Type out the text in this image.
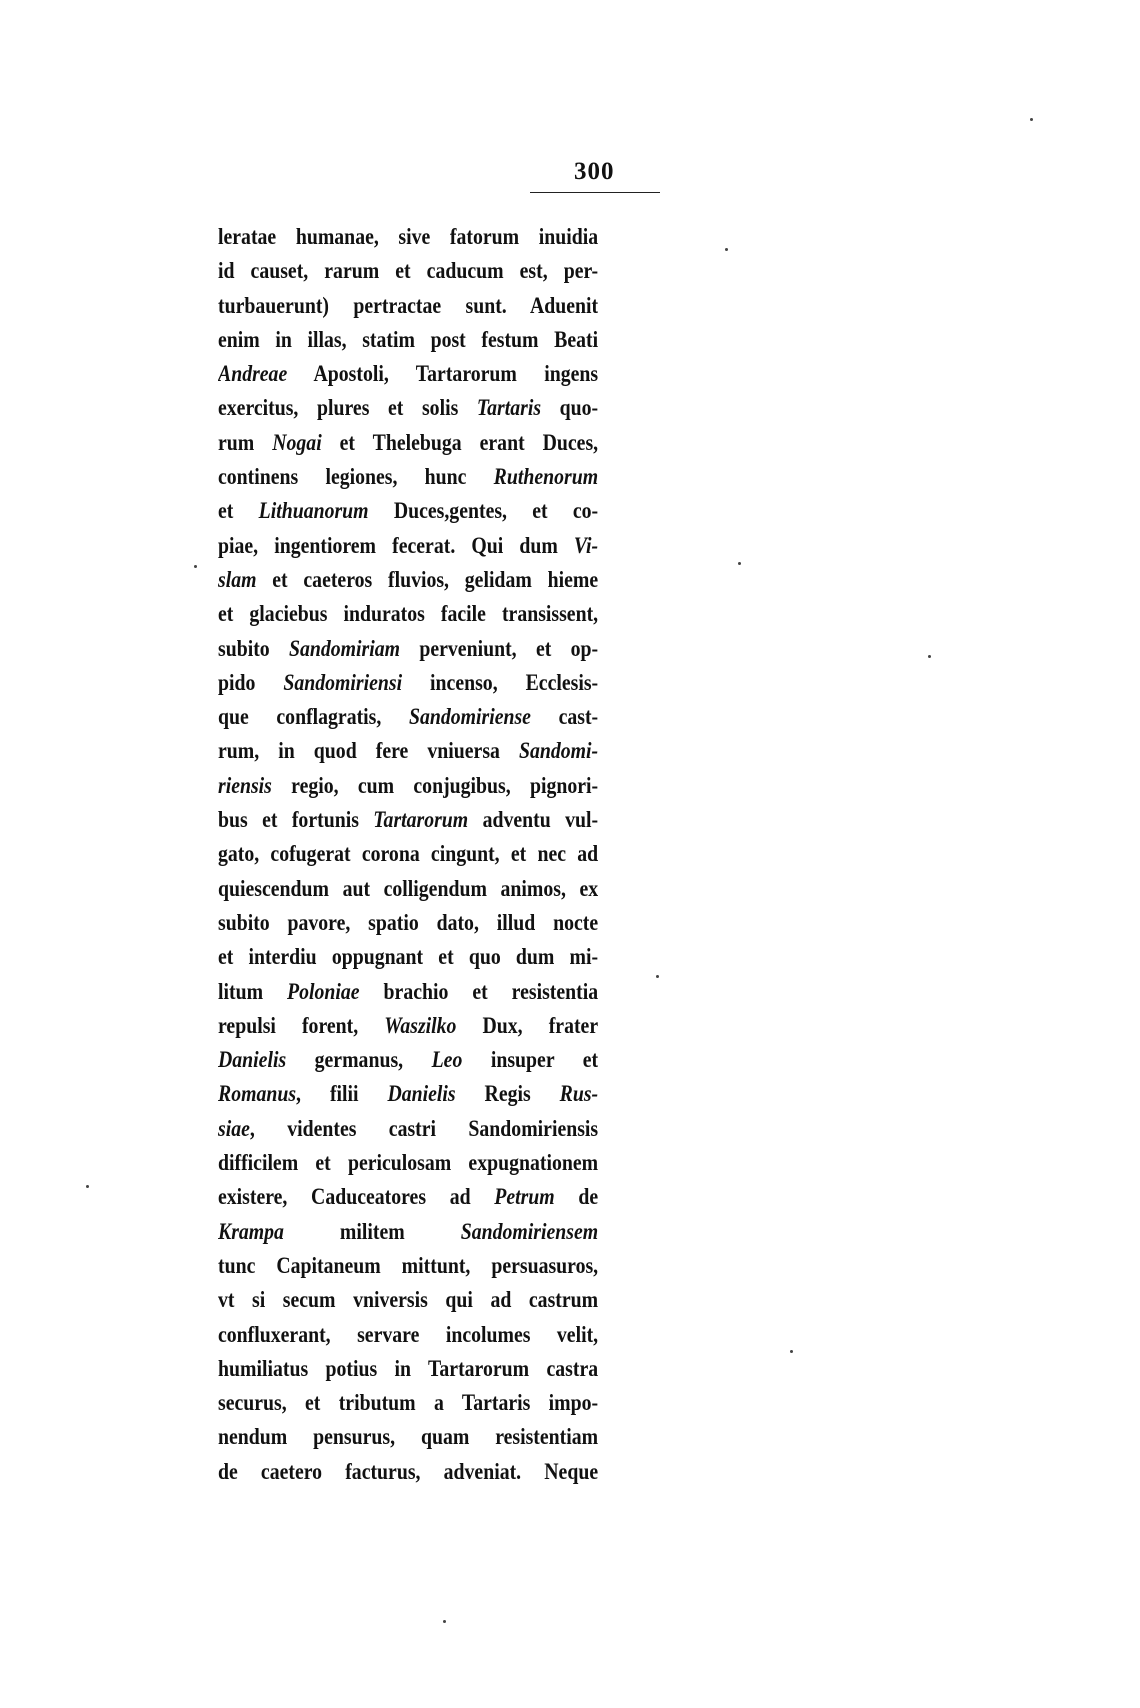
300
leratae humanae, sive fatorum inuidia
id causet, rarum et caducum est, per-
turbauerunt) pertractae sunt. Aduenit
enim in illas, statim post festum Beati
Andreae Apostoli, Tartarorum ingens
exercitus, plures et solis Tartaris quo-
rum Nogai et Thelebuga erant Duces,
continens legiones, hunc Ruthenorum
et Lithuanorum Duces,gentes, et co-
piae, ingentiorem fecerat. Qui dum Vi-
slam et caeteros fluvios, gelidam hieme
et glaciebus induratos facile transissent,
subito Sandomiriam perveniunt, et op-
pido Sandomiriensi incenso, Ecclesis-
que conflagratis, Sandomiriense cast-
rum, in quod fere vniuersa Sandomi-
riensis regio, cum conjugibus, pignori-
bus et fortunis Tartarorum adventu vul-
gato, cofugerat corona cingunt, et nec ad
quiescendum aut colligendum animos, ex
subito pavore, spatio dato, illud nocte
et interdiu oppugnant et quo dum mi-
litum Poloniae brachio et resistentia
repulsi forent, Waszilko Dux, frater
Danielis germanus, Leo insuper et
Romanus, filii Danielis Regis Rus-
siae, videntes castri Sandomiriensis
difficilem et periculosam expugnationem
existere, Caduceatores ad Petrum de
Krampa militem Sandomiriensem
tunc Capitaneum mittunt, persuasuros,
vt si secum vniversis qui ad castrum
confluxerant, servare incolumes velit,
humiliatus potius in Tartarorum castra
securus, et tributum a Tartaris impo-
nendum pensurus, quam resistentiam
de caetero facturus, adveniat. Neque
